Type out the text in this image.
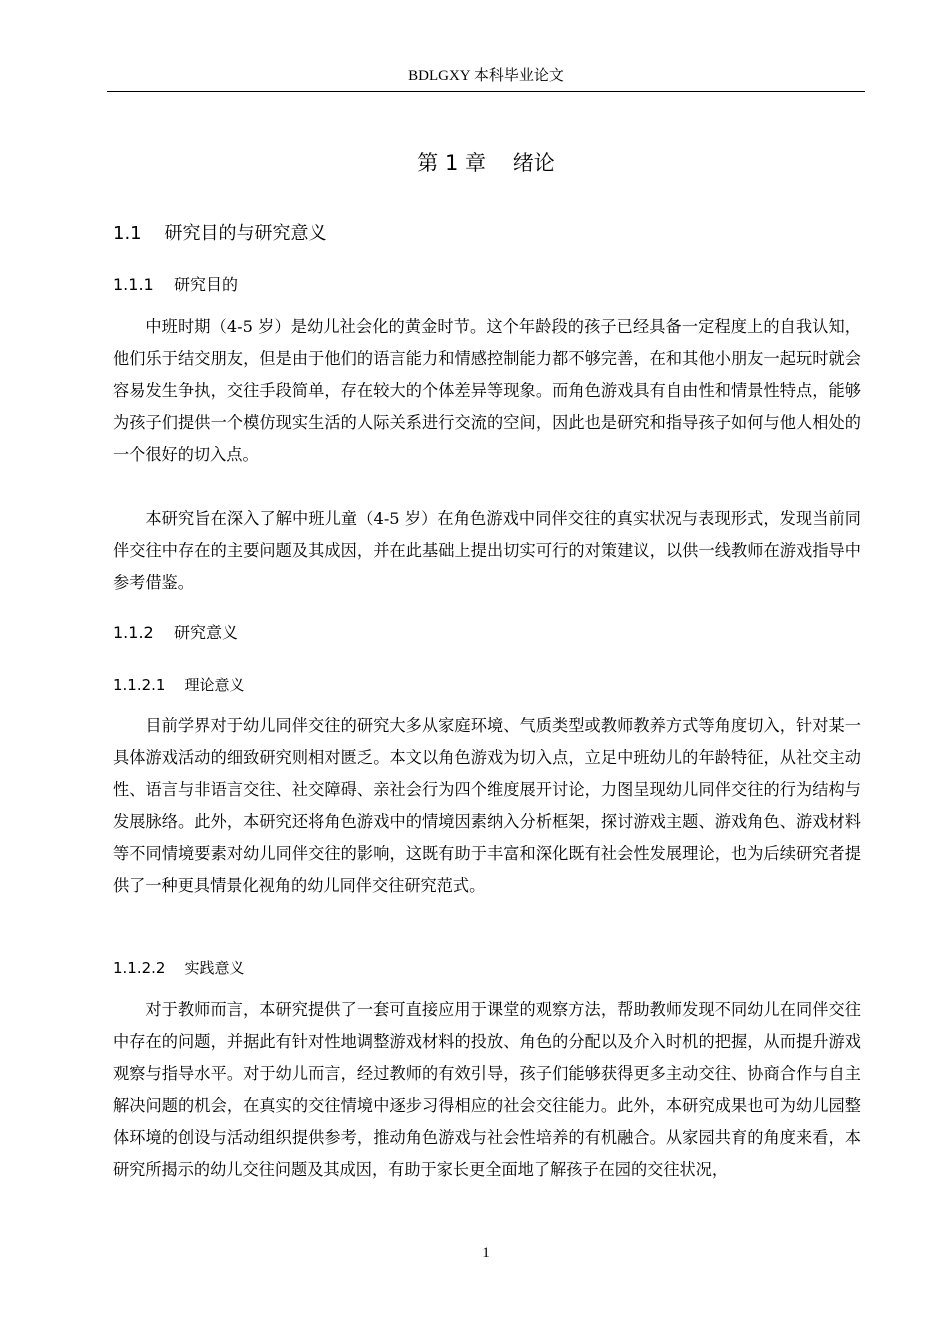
BDLGXY 本科毕业论文
第 1 章    绪论
1.1    研究目的与研究意义
1.1.1    研究目的

中班时期（4-5 岁）是幼儿社会化的黄金时节。这个年龄段的孩子已经具备一定程度上的自我认知，他们乐于结交朋友，但是由于他们的语言能力和情感控制能力都不够完善，在和其他小朋友一起玩时就会容易发生争执，交往手段简单，存在较大的个体差异等现象。而角色游戏具有自由性和情景性特点，能够为孩子们提供一个模仿现实生活的人际关系进行交流的空间，因此也是研究和指导孩子如何与他人相处的一个很好的切入点。

本研究旨在深入了解中班儿童（4-5 岁）在角色游戏中同伴交往的真实状况与表现形式，发现当前同伴交往中存在的主要问题及其成因，并在此基础上提出切实可行的对策建议，以供一线教师在游戏指导中参考借鉴。

1.1.2    研究意义
1.1.2.1    理论意义

目前学界对于幼儿同伴交往的研究大多从家庭环境、气质类型或教师教养方式等角度切入，针对某一具体游戏活动的细致研究则相对匮乏。本文以角色游戏为切入点，立足中班幼儿的年龄特征，从社交主动性、语言与非语言交往、社交障碍、亲社会行为四个维度展开讨论，力图呈现幼儿同伴交往的行为结构与发展脉络。此外，本研究还将角色游戏中的情境因素纳入分析框架，探讨游戏主题、游戏角色、游戏材料等不同情境要素对幼儿同伴交往的影响，这既有助于丰富和深化既有社会性发展理论，也为后续研究者提供了一种更具情景化视角的幼儿同伴交往研究范式。

1.1.2.2    实践意义

对于教师而言，本研究提供了一套可直接应用于课堂的观察方法，帮助教师发现不同幼儿在同伴交往中存在的问题，并据此有针对性地调整游戏材料的投放、角色的分配以及介入时机的把握，从而提升游戏观察与指导水平。对于幼儿而言，经过教师的有效引导，孩子们能够获得更多主动交往、协商合作与自主解决问题的机会，在真实的交往情境中逐步习得相应的社会交往能力。此外，本研究成果也可为幼儿园整体环境的创设与活动组织提供参考，推动角色游戏与社会性培养的有机融合。从家园共育的角度来看，本研究所揭示的幼儿交往问题及其成因，有助于家长更全面地了解孩子在园的交往状况，

1
